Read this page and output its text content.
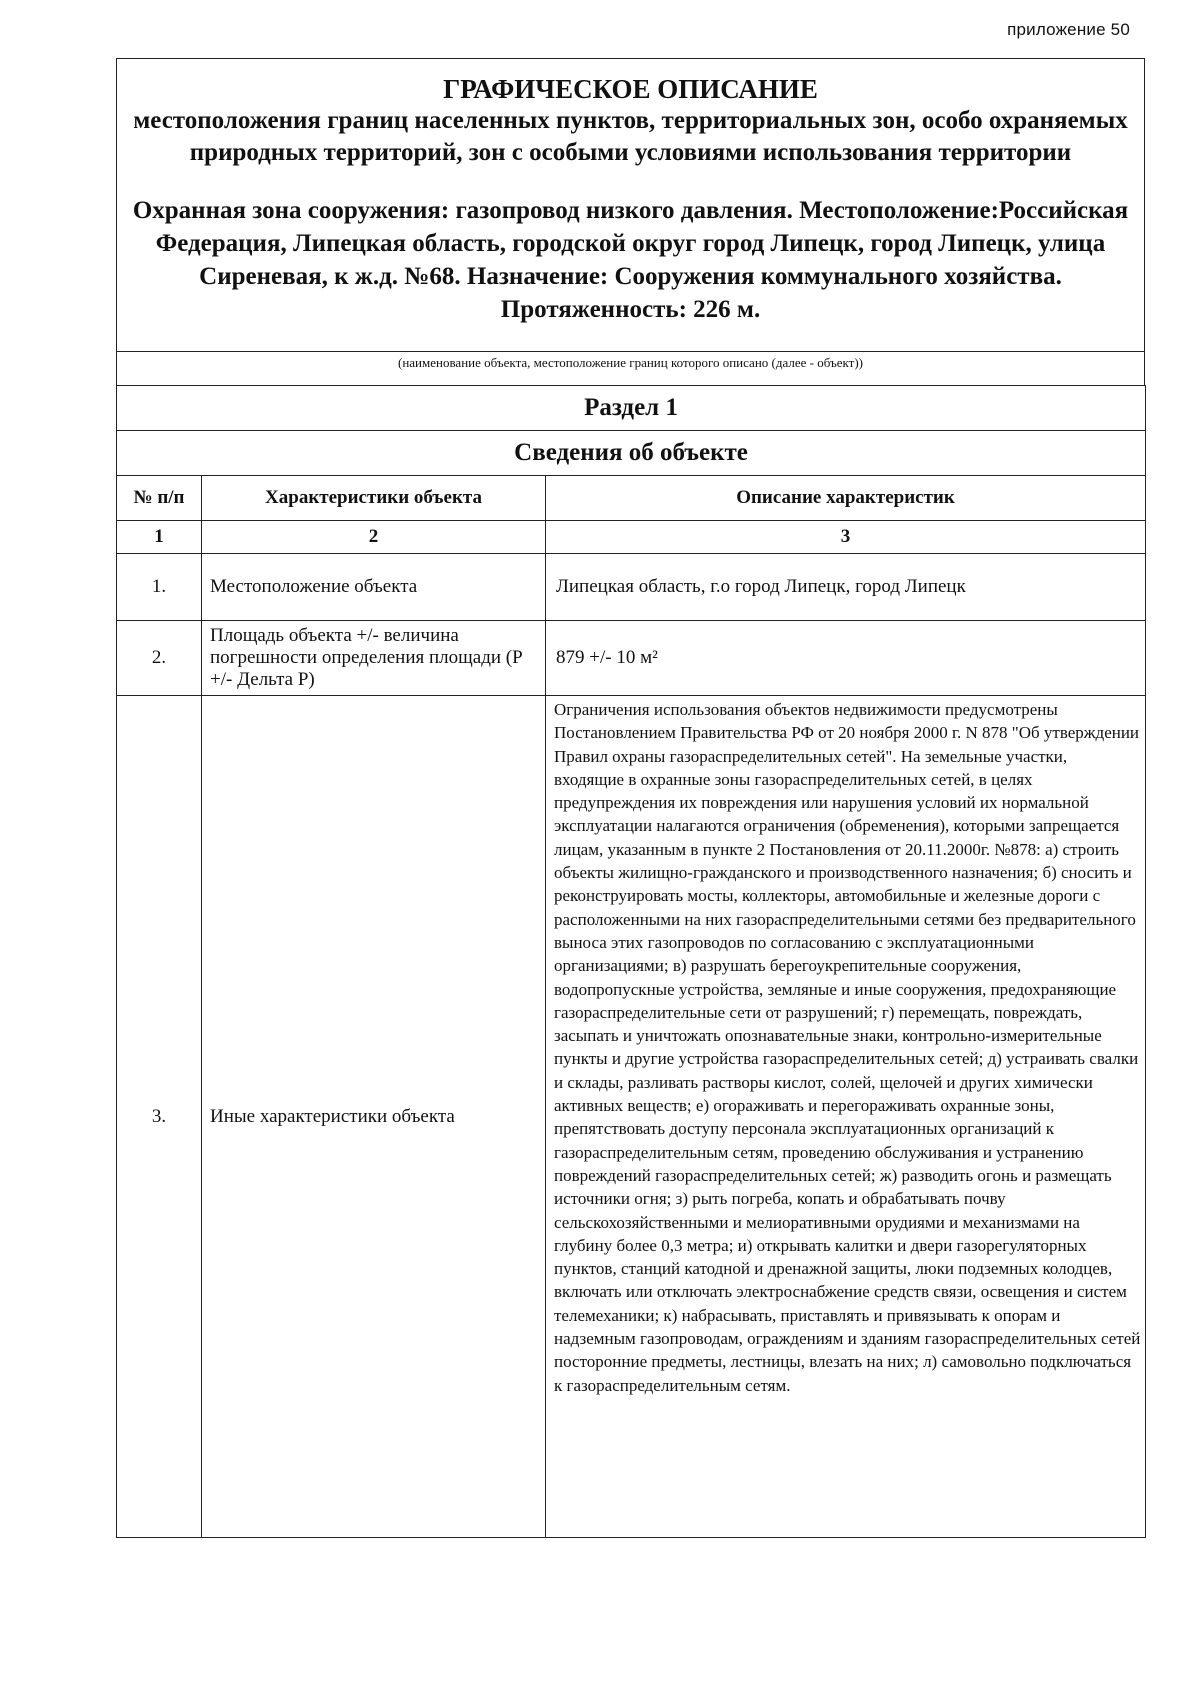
приложение 50
ГРАФИЧЕСКОЕ ОПИСАНИЕ
местоположения границ населенных пунктов, территориальных зон, особо охраняемых природных территорий, зон с особыми условиями использования территории
Охранная зона сооружения: газопровод низкого давления. Местоположение:Российская Федерация, Липецкая область, городской округ город Липецк, город Липецк, улица Сиреневая, к ж.д. №68. Назначение: Сооружения коммунального хозяйства. Протяженность: 226 м.
(наименование объекта, местоположение границ которого описано (далее - объект))
Раздел 1		
Сведения об объекте		
№ п/п	Характеристики объекта	Описание характеристик
1	2	3
1.	Местоположение объекта	Липецкая область, г.о город Липецк, город Липецк
2.	Площадь объекта +/- величина погрешности определения площади (Р +/- Дельта Р)	879 +/- 10 м²
3.	Иные характеристики объекта	Ограничения использования объектов недвижимости предусмотрены Постановлением Правительства РФ от 20 ноября 2000 г. N 878 "Об утверждении Правил охраны газораспределительных сетей". На земельные участки, входящие в охранные зоны газораспределительных сетей, в целях предупреждения их повреждения или нарушения условий их нормальной эксплуатации налагаются ограничения (обременения), которыми запрещается лицам, указанным в пункте 2 Постановления от 20.11.2000г. №878: а) строить объекты жилищно-гражданского и производственного назначения; б) сносить и реконструировать мосты, коллекторы, автомобильные и железные дороги с расположенными на них газораспределительными сетями без предварительного выноса этих газопроводов по согласованию с эксплуатационными организациями; в) разрушать берегоукрепительные сооружения, водопропускные устройства, земляные и иные сооружения, предохраняющие газораспределительные сети от разрушений; г) перемещать, повреждать, засыпать и уничтожать опознавательные знаки, контрольно-измерительные пункты и другие устройства газораспределительных сетей; д) устраивать свалки и склады, разливать растворы кислот, солей, щелочей и других химически активных веществ; е) огораживать и перегораживать охранные зоны, препятствовать доступу персонала эксплуатационных организаций к газораспределительным сетям, проведению обслуживания и устранению повреждений газораспределительных сетей; ж) разводить огонь и размещать источники огня; з) рыть погреба, копать и обрабатывать почву сельскохозяйственными и мелиоративными орудиями и механизмами на глубину более 0,3 метра; и) открывать калитки и двери газорегуляторных пунктов, станций катодной и дренажной защиты, люки подземных колодцев, включать или отключать электроснабжение средств связи, освещения и систем телемеханики; к) набрасывать, приставлять и привязывать к опорам и надземным газопроводам, ограждениям и зданиям газораспределительных сетей посторонние предметы, лестницы, влезать на них; л) самовольно подключаться к газораспределительным сетям.
